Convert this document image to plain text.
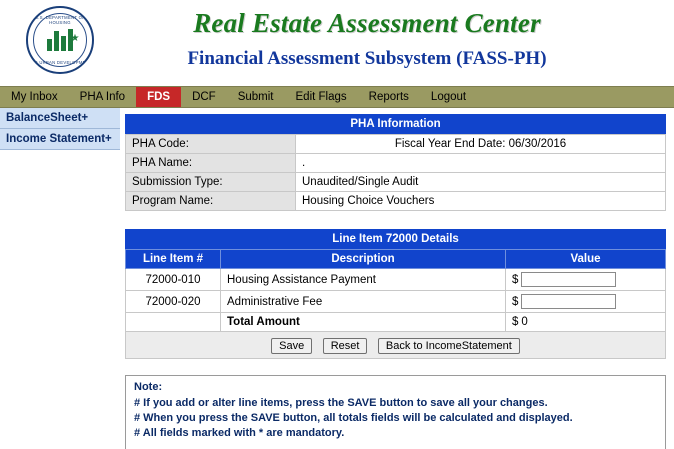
U.S. DEPARTMENT OF HOUSING
★
AND URBAN DEVELOPMENT
Real Estate Assessment Center
Financial Assessment Subsystem (FASS-PH)
My Inbox	PHA Info	FDS	DCF	Submit	Edit Flags	Reports	Logout
BalanceSheet+
Income Statement+
PHA Information
PHA Code:	Fiscal Year End Date: 06/30/2016
PHA Name:	.
Submission Type:	Unaudited/Single Audit
Program Name:	Housing Choice Vouchers
Line Item 72000 Details
Line Item #	Description	Value
72000-010	Housing Assistance Payment	$
72000-020	Administrative Fee	$
	Total Amount	$ 0
Save Reset Back to IncomeStatement
Note:
# If you add or alter line items, press the SAVE button to save all your changes.
# When you press the SAVE button, all totals fields will be calculated and displayed.
# All fields marked with * are mandatory.
